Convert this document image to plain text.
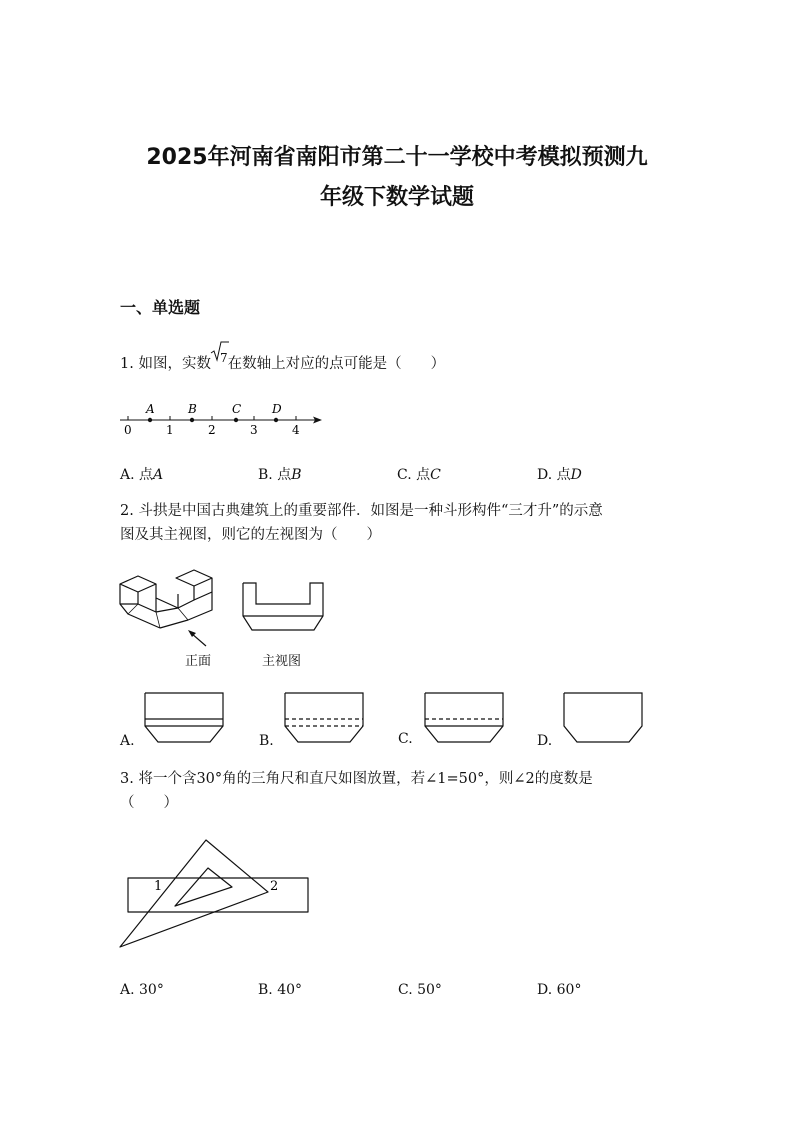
2025年河南省南阳市第二十一学校中考模拟预测九
年级下数学试题
一、单选题
1. 如图，实数 7在数轴上对应的点可能是（　　）
0	1	2	3	4
A	B	C	D
A. 点A	B. 点B	C. 点C	D. 点D
2. 斗拱是中国古典建筑上的重要部件．如图是一种斗形构件“三才升”的示意
图及其主视图，则它的左视图为（　　）
正面	主视图
A.	B.	C.	D.
3. 将一个含30°角的三角尺和直尺如图放置，若∠1=50°，则∠2的度数是
（　　）
1	2
A. 30°	B. 40°	C. 50°	D. 60°
